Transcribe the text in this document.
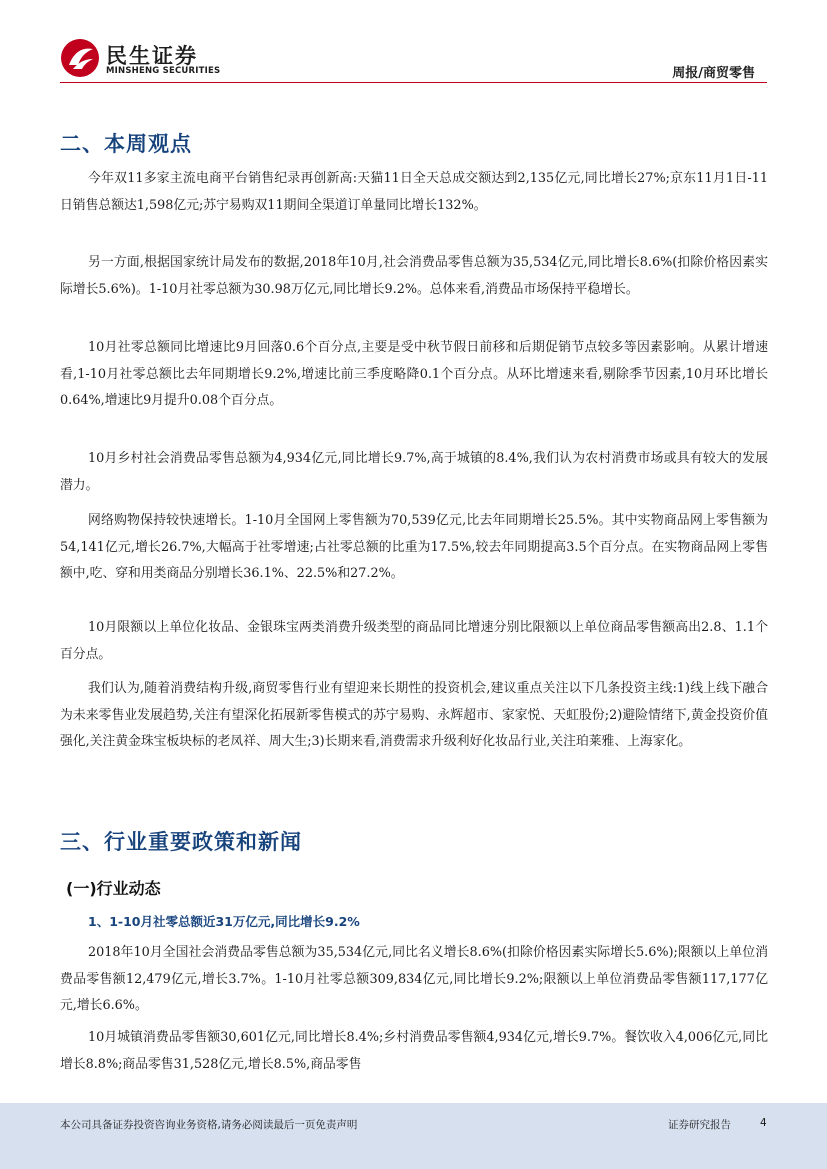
民生证券
MINSHENG SECURITIES	周报/商贸零售
二、本周观点

今年双11多家主流电商平台销售纪录再创新高:天猫11日全天总成交额达到2,135亿元,同比增长27%;京东11月1日-11日销售总额达1,598亿元;苏宁易购双11期间全渠道订单量同比增长132%。

另一方面,根据国家统计局发布的数据,2018年10月,社会消费品零售总额为35,534亿元,同比增长8.6%(扣除价格因素实际增长5.6%)。1-10月社零总额为30.98万亿元,同比增长9.2%。总体来看,消费品市场保持平稳增长。

10月社零总额同比增速比9月回落0.6个百分点,主要是受中秋节假日前移和后期促销节点较多等因素影响。从累计增速看,1-10月社零总额比去年同期增长9.2%,增速比前三季度略降0.1个百分点。从环比增速来看,剔除季节因素,10月环比增长0.64%,增速比9月提升0.08个百分点。

10月乡村社会消费品零售总额为4,934亿元,同比增长9.7%,高于城镇的8.4%,我们认为农村消费市场或具有较大的发展潜力。

网络购物保持较快速增长。1-10月全国网上零售额为70,539亿元,比去年同期增长25.5%。其中实物商品网上零售额为54,141亿元,增长26.7%,大幅高于社零增速;占社零总额的比重为17.5%,较去年同期提高3.5个百分点。在实物商品网上零售额中,吃、穿和用类商品分别增长36.1%、22.5%和27.2%。

10月限额以上单位化妆品、金银珠宝两类消费升级类型的商品同比增速分别比限额以上单位商品零售额高出2.8、1.1个百分点。

我们认为,随着消费结构升级,商贸零售行业有望迎来长期性的投资机会,建议重点关注以下几条投资主线:1)线上线下融合为未来零售业发展趋势,关注有望深化拓展新零售模式的苏宁易购、永辉超市、家家悦、天虹股份;2)避险情绪下,黄金投资价值强化,关注黄金珠宝板块标的老凤祥、周大生;3)长期来看,消费需求升级利好化妆品行业,关注珀莱雅、上海家化。

三、行业重要政策和新闻
(一)行业动态
1、1-10月社零总额近31万亿元,同比增长9.2%

2018年10月全国社会消费品零售总额为35,534亿元,同比名义增长8.6%(扣除价格因素实际增长5.6%);限额以上单位消费品零售额12,479亿元,增长3.7%。1-10月社零总额309,834亿元,同比增长9.2%;限额以上单位消费品零售额117,177亿元,增长6.6%。

10月城镇消费品零售额30,601亿元,同比增长8.4%;乡村消费品零售额4,934亿元,增长9.7%。餐饮收入4,006亿元,同比增长8.8%;商品零售31,528亿元,增长8.5%,商品零售

本公司具备证券投资咨询业务资格,请务必阅读最后一页免责声明	证券研究报告	4
